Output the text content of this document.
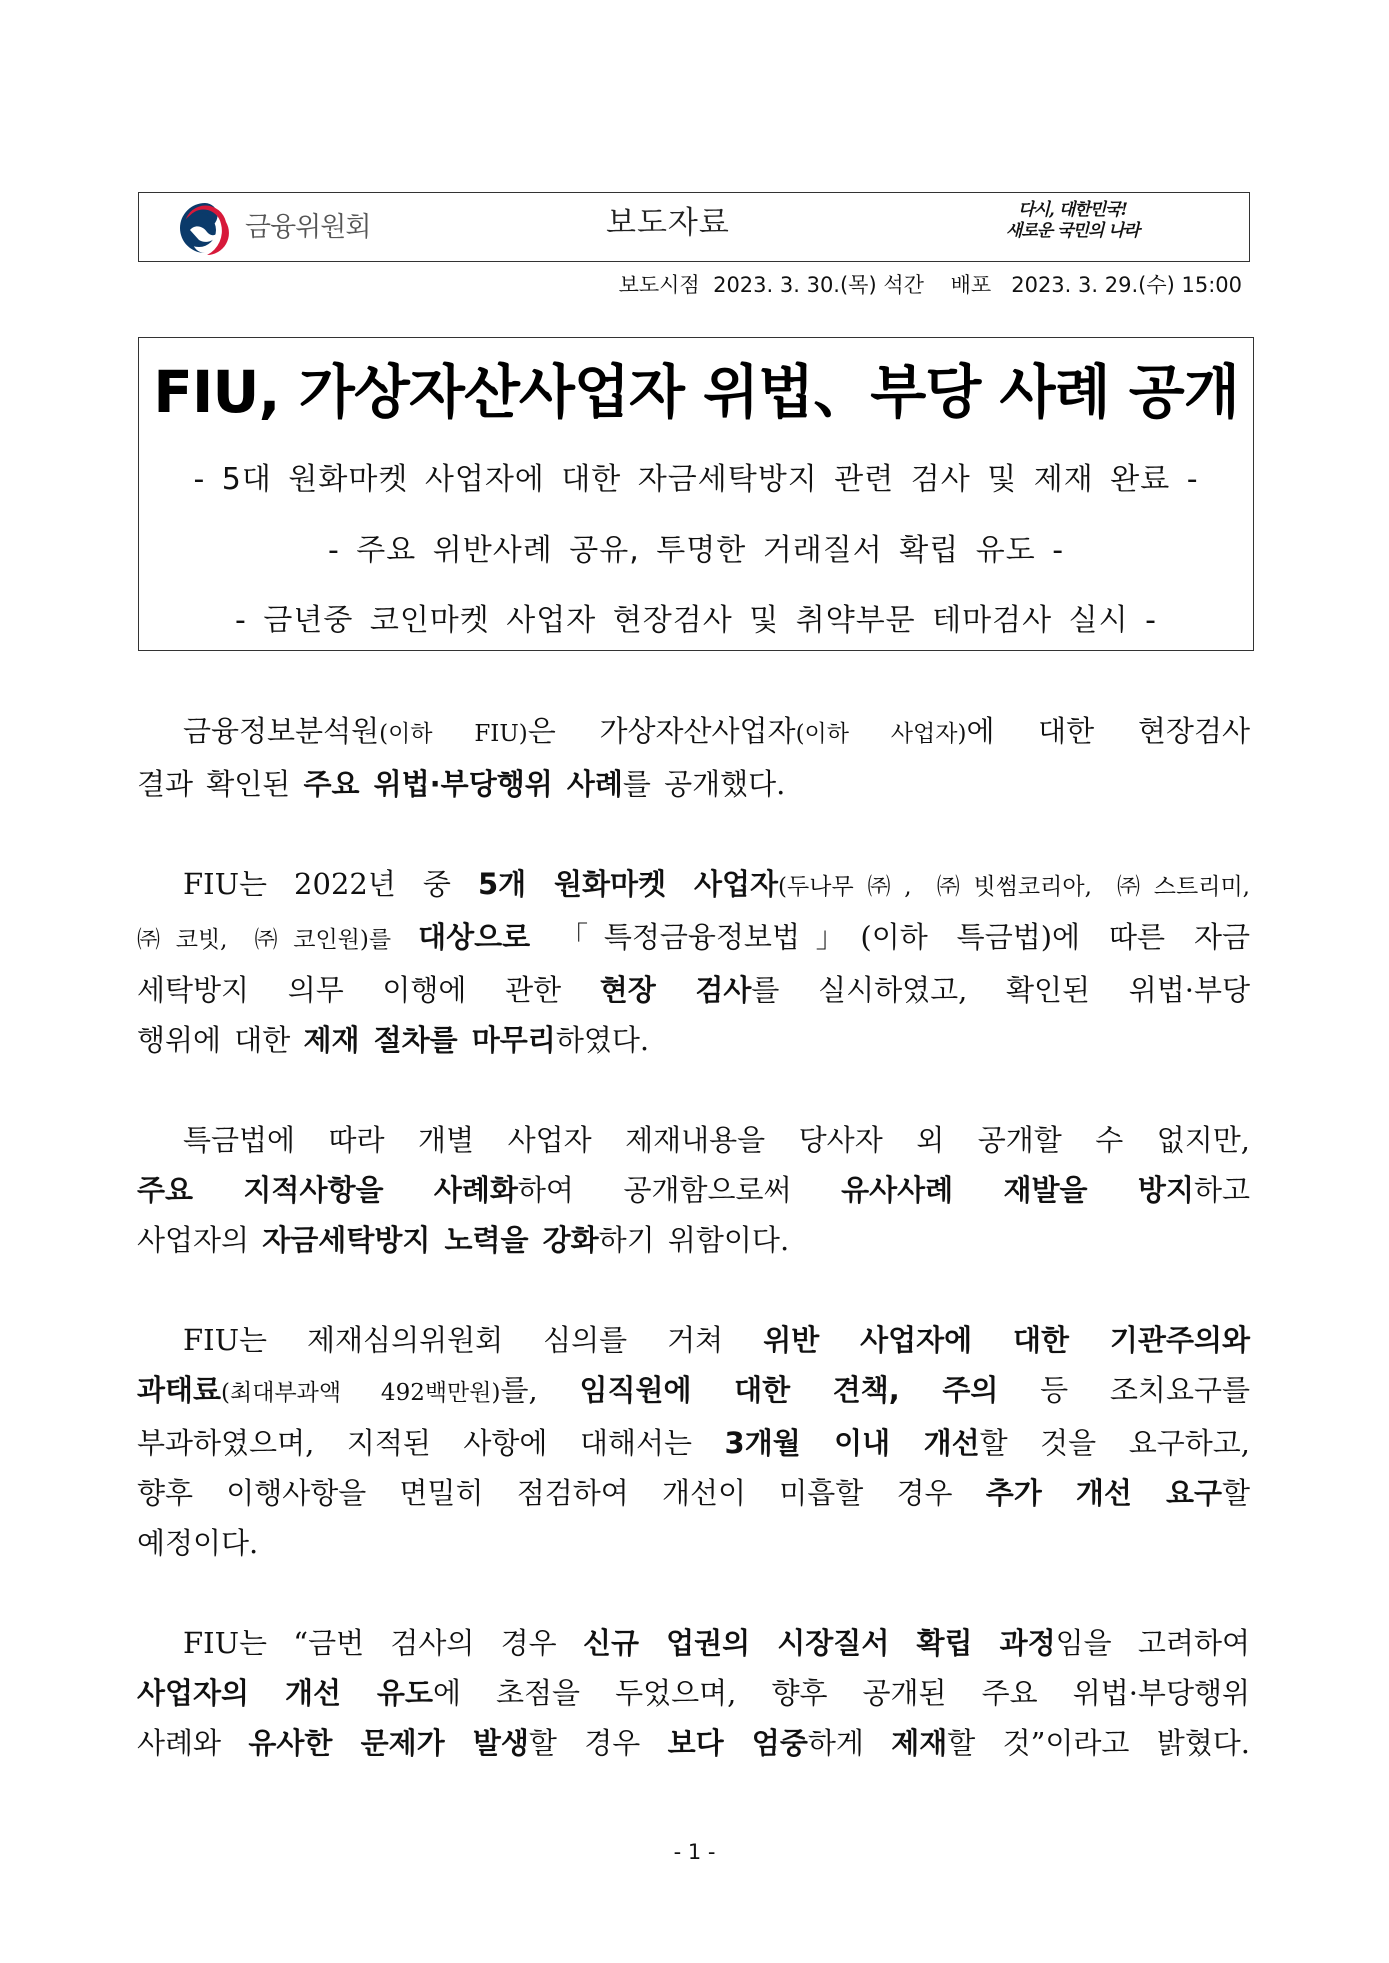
금융위원회	보도자료	다시, 대한민국!
새로운 국민의 나라
보도시점 2023. 3. 30.(목) 석간 배포 2023. 3. 29.(수) 15:00
FIU, 가상자산사업자 위법、부당 사례 공개
- 5대 원화마켓 사업자에 대한 자금세탁방지 관련 검사 및 제재 완료 -
- 주요 위반사례 공유, 투명한 거래질서 확립 유도 -
- 금년중 코인마켓 사업자 현장검사 및 취약부문 테마검사 실시 -
금융정보분석원(이하 FIU)은 가상자산사업자(이하 사업자)에 대한 현장검사
결과 확인된 주요 위법·부당행위 사례를 공개했다.
FIU는 2022년 중 5개 원화마켓 사업자(두나무㈜, ㈜빗썸코리아, ㈜스트리미,
㈜코빗, ㈜코인원)를 대상으로 「특정금융정보법」(이하 특금법)에 따른 자금
세탁방지 의무 이행에 관한 현장 검사를 실시하였고, 확인된 위법·부당
행위에 대한 제재 절차를 마무리하였다.
특금법에 따라 개별 사업자 제재내용을 당사자 외 공개할 수 없지만,
주요 지적사항을 사례화하여 공개함으로써 유사사례 재발을 방지하고
사업자의 자금세탁방지 노력을 강화하기 위함이다.
FIU는 제재심의위원회 심의를 거쳐 위반 사업자에 대한 기관주의와
과태료(최대부과액 492백만원)를, 임직원에 대한 견책, 주의 등 조치요구를
부과하였으며, 지적된 사항에 대해서는 3개월 이내 개선할 것을 요구하고,
향후 이행사항을 면밀히 점검하여 개선이 미흡할 경우 추가 개선 요구할
예정이다.
FIU는 “금번 검사의 경우 신규 업권의 시장질서 확립 과정임을 고려하여
사업자의 개선 유도에 초점을 두었으며, 향후 공개된 주요 위법·부당행위
사례와 유사한 문제가 발생할 경우 보다 엄중하게 제재할 것”이라고 밝혔다.
- 1 -
